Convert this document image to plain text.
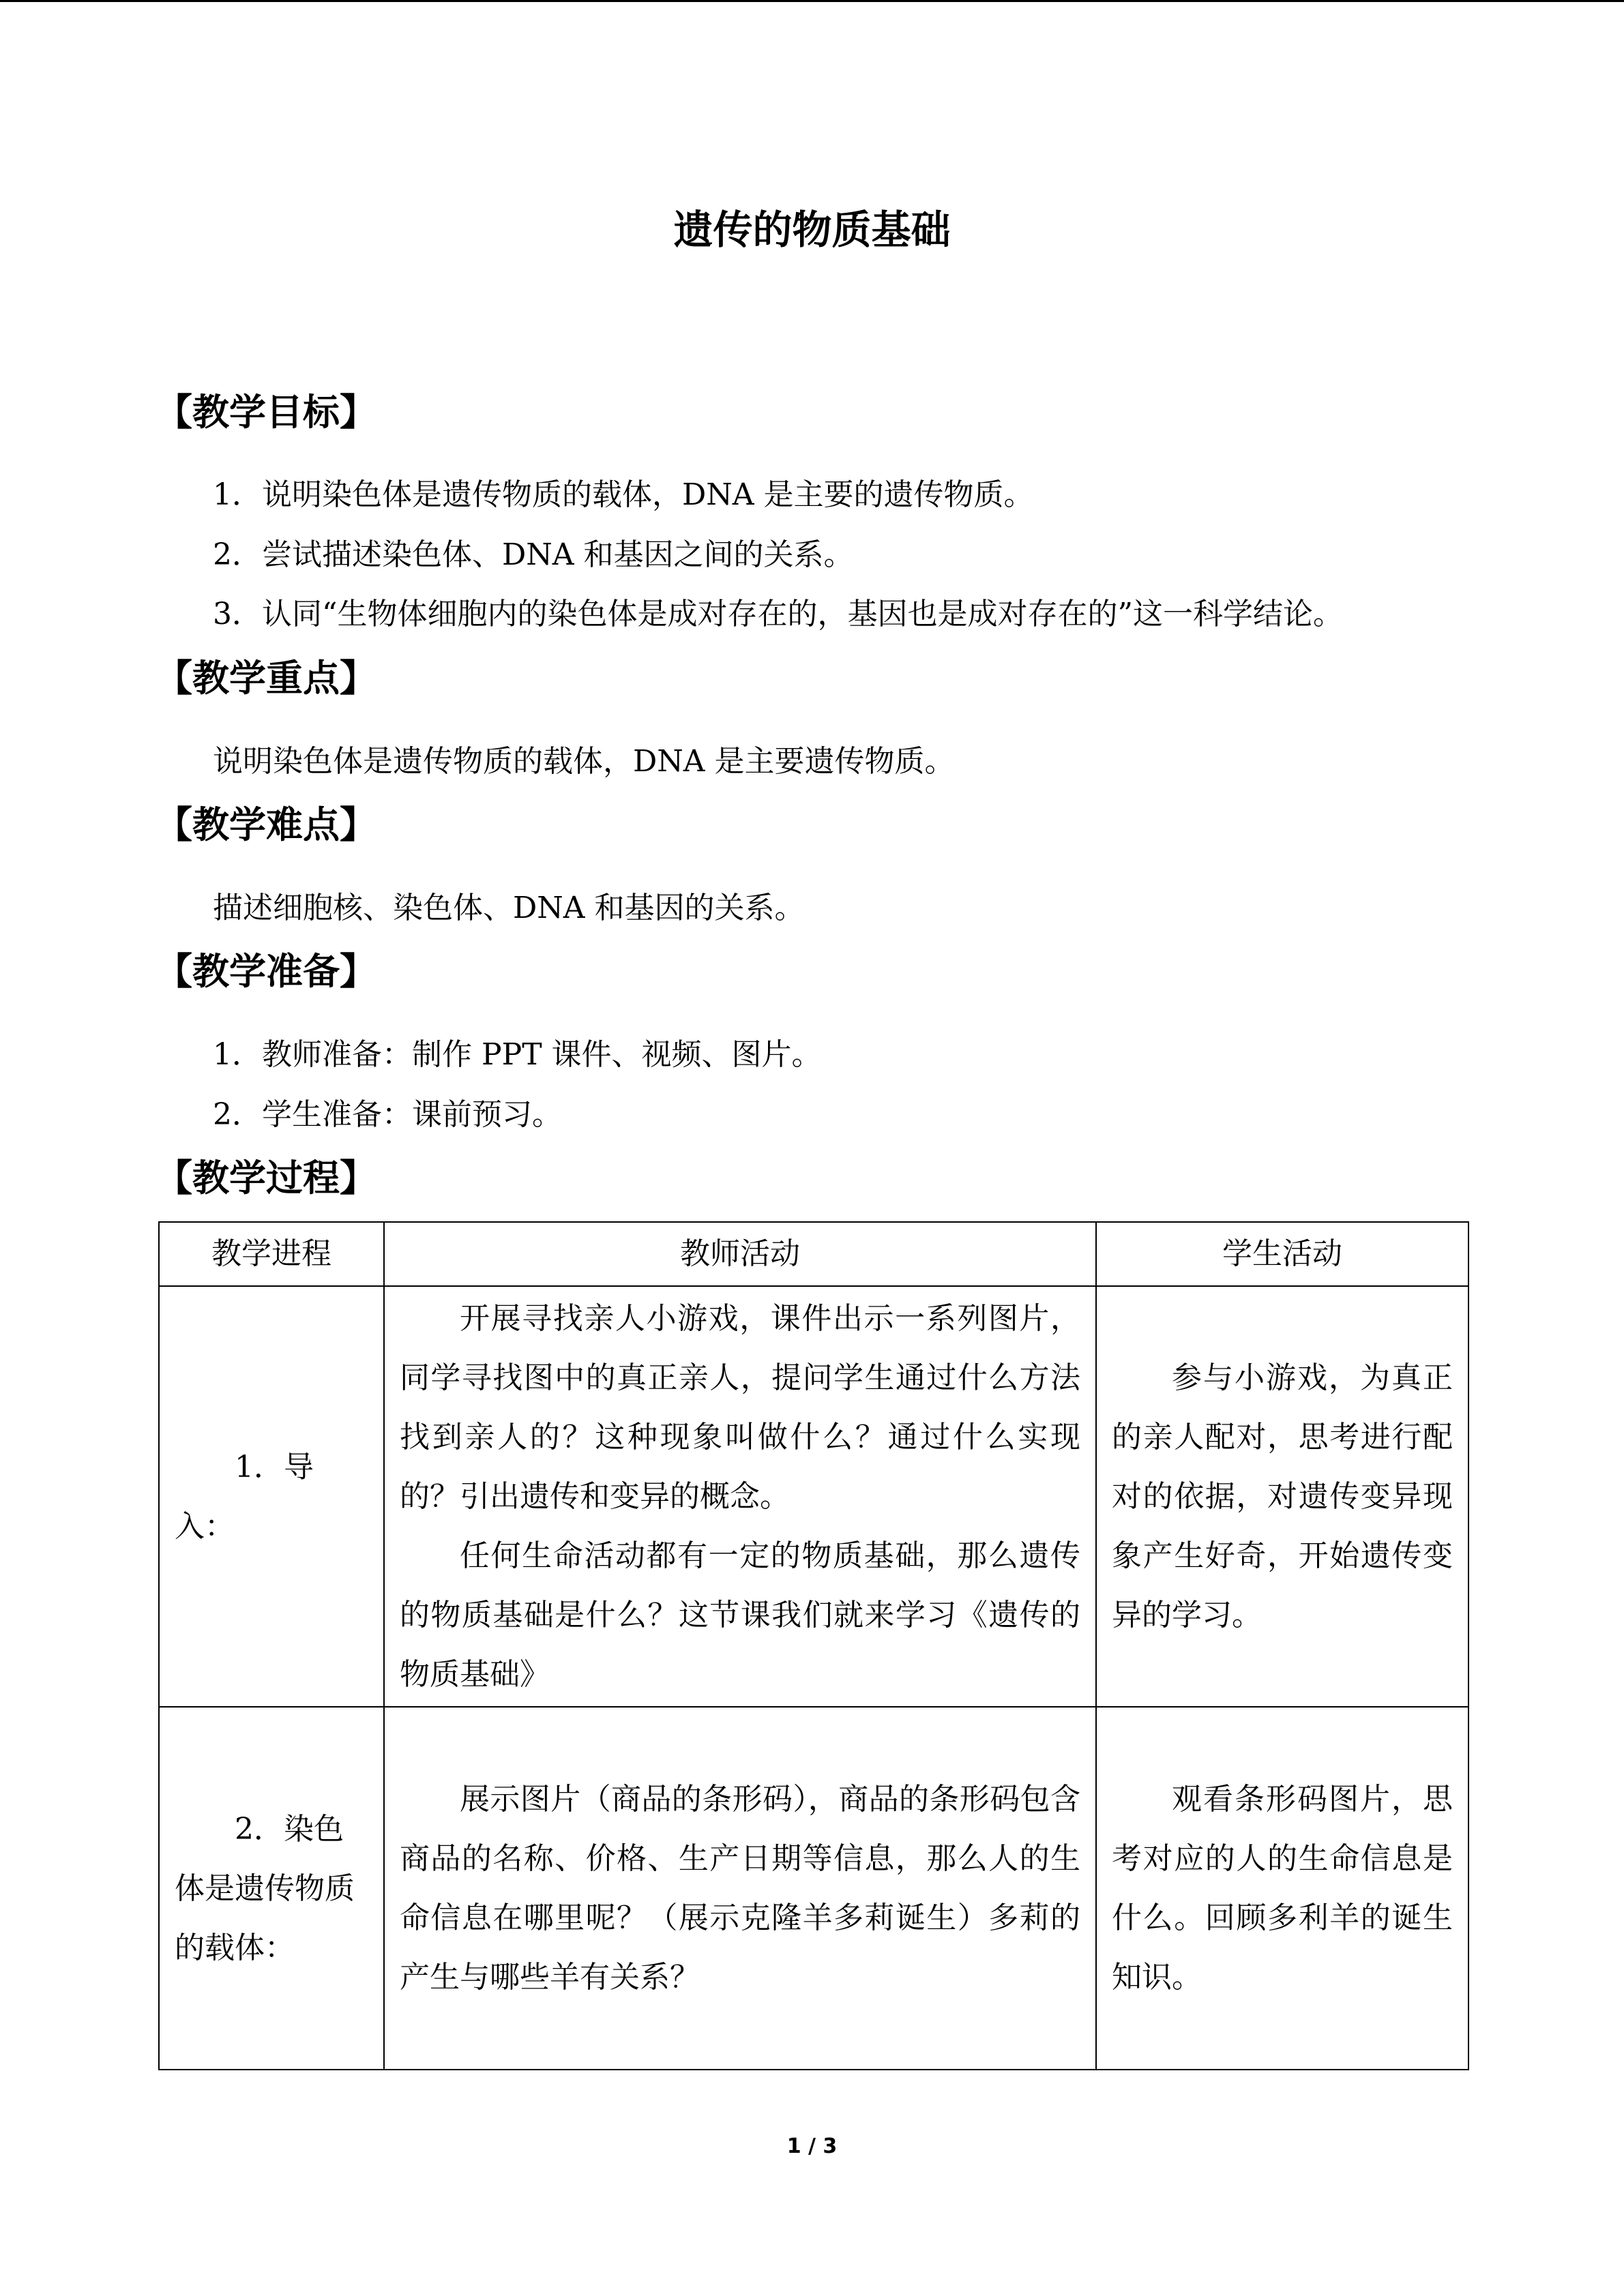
遗传的物质基础
【教学目标】
1．说明染色体是遗传物质的载体，DNA 是主要的遗传物质。
2．尝试描述染色体、DNA 和基因之间的关系。
3．认同“生物体细胞内的染色体是成对存在的，基因也是成对存在的”这一科学结论。
【教学重点】
说明染色体是遗传物质的载体，DNA 是主要遗传物质。
【教学难点】
描述细胞核、染色体、DNA 和基因的关系。
【教学准备】
1．教师准备：制作 PPT 课件、视频、图片。
2．学生准备：课前预习。
【教学过程】
教学进程	教师活动	学生活动

1．导入：	开展寻找亲人小游戏，课件出示一系列图片，同学寻找图中的真正亲人，提问学生通过什么方法找到亲人的？这种现象叫做什么？通过什么实现的？引出遗传和变异的概念。

任何生命活动都有一定的物质基础，那么遗传的物质基础是什么？这节课我们就来学习《遗传的物质基础》	参与小游戏，为真正的亲人配对，思考进行配对的依据，对遗传变异现象产生好奇，开始遗传变异的学习。

2．染色体是遗传物质的载体：	展示图片（商品的条形码），商品的条形码包含商品的名称、价格、生产日期等信息，那么人的生命信息在哪里呢？（展示克隆羊多莉诞生）多莉的产生与哪些羊有关系？	观看条形码图片，思考对应的人的生命信息是什么。回顾多利羊的诞生知识。

1 / 3
